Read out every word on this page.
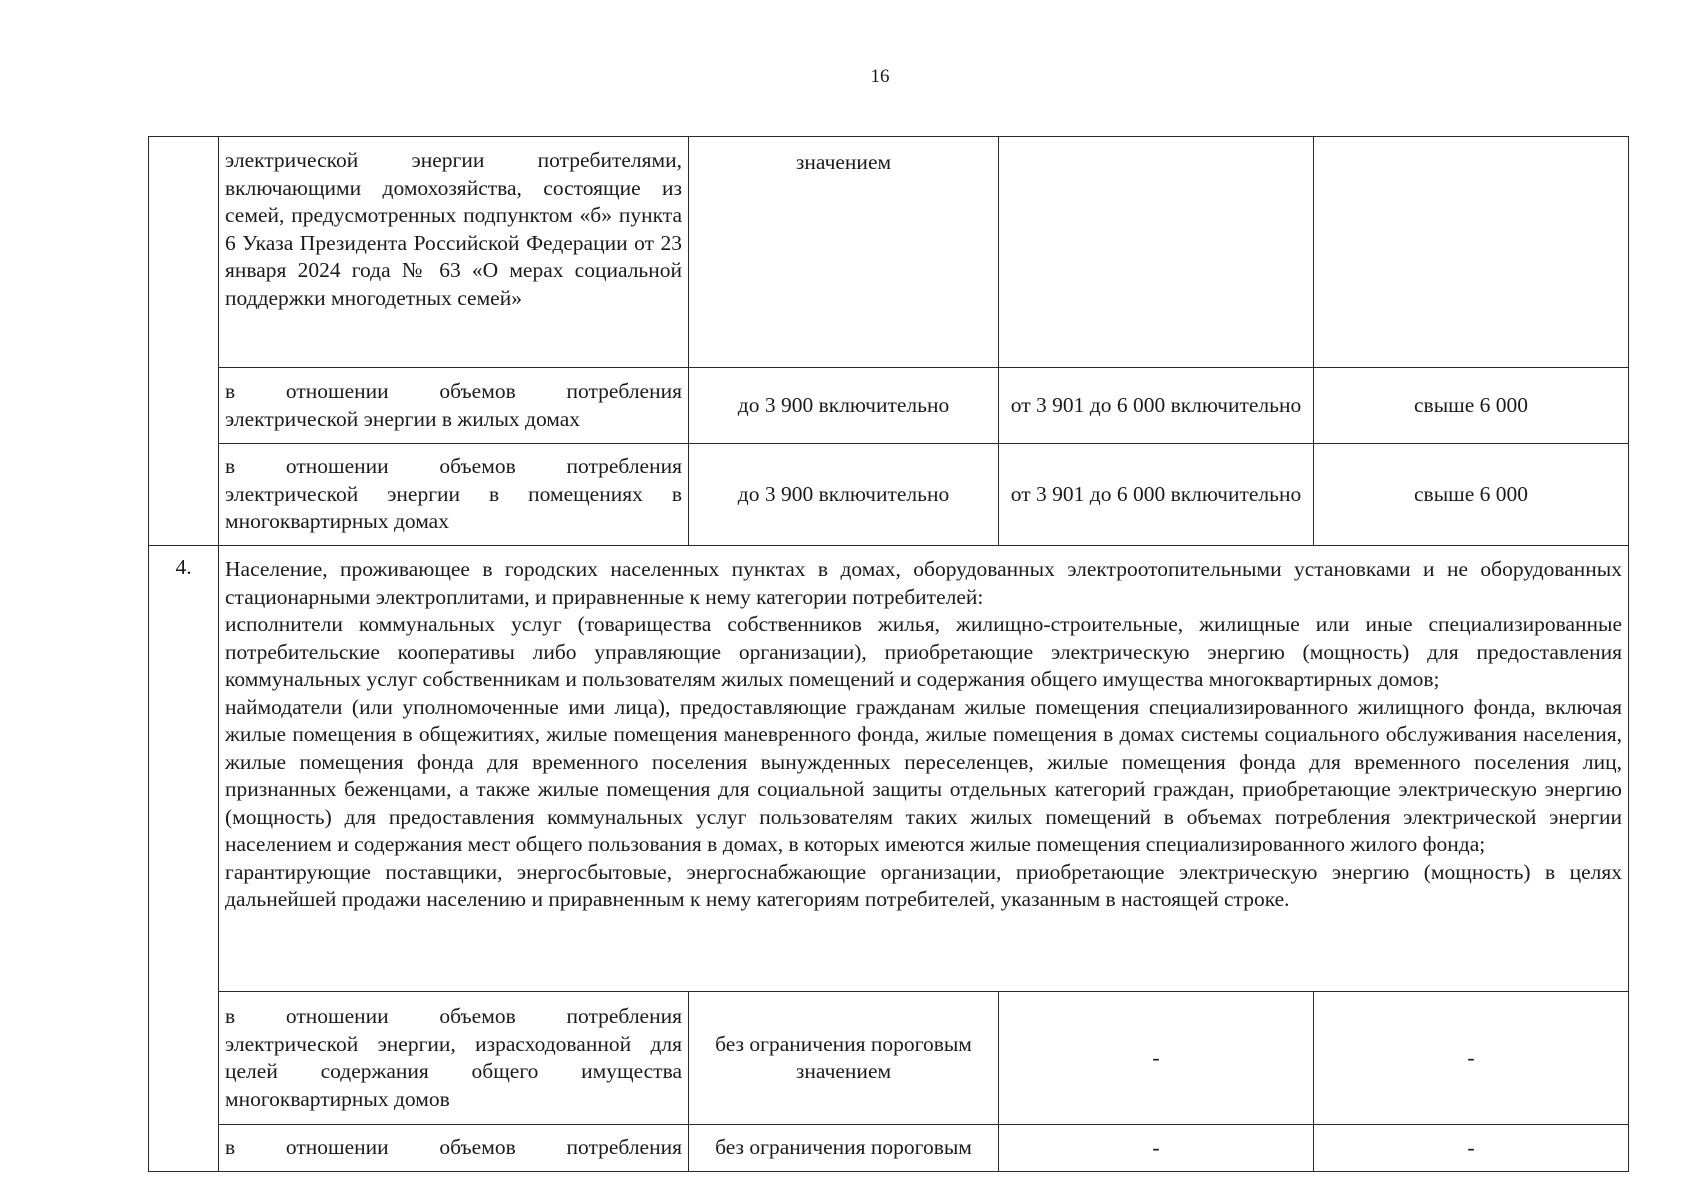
16
	электрической энергии потребителями, включающими домохозяйства, состоящие из семей, предусмотренных подпунктом «б» пункта 6 Указа Президента Российской Федерации от 23 января 2024 года № 63 «О мерах социальной поддержки многодетных семей»	значением		
	в отношении объемов потребления электрической энергии в жилых домах	до 3 900 включительно	от 3 901 до 6 000 включительно	свыше 6 000
	в отношении объемов потребления электрической энергии в помещениях в многоквартирных домах	до 3 900 включительно	от 3 901 до 6 000 включительно	свыше 6 000
4.	Население, проживающее в городских населенных пунктах в домах, оборудованных электроотопительными установками и не оборудованных стационарными электроплитами, и приравненные к нему категории потребителей:

исполнители коммунальных услуг (товарищества собственников жилья, жилищно-строительные, жилищные или иные специализированные потребительские кооперативы либо управляющие организации), приобретающие электрическую энергию (мощность) для предоставления коммунальных услуг собственникам и пользователям жилых помещений и содержания общего имущества многоквартирных домов;

наймодатели (или уполномоченные ими лица), предоставляющие гражданам жилые помещения специализированного жилищного фонда, включая жилые помещения в общежитиях, жилые помещения маневренного фонда, жилые помещения в домах системы социального обслуживания населения, жилые помещения фонда для временного поселения вынужденных переселенцев, жилые помещения фонда для временного поселения лиц, признанных беженцами, а также жилые помещения для социальной защиты отдельных категорий граждан, приобретающие электрическую энергию (мощность) для предоставления коммунальных услуг пользователям таких жилых помещений в объемах потребления электрической энергии населением и содержания мест общего пользования в домах, в которых имеются жилые помещения специализированного жилого фонда;

гарантирующие поставщики, энергосбытовые, энергоснабжающие организации, приобретающие электрическую энергию (мощность) в целях дальнейшей продажи населению и приравненным к нему категориям потребителей, указанным в настоящей строке.			

	в отношении объемов потребления электрической энергии, израсходованной для целей содержания общего имущества многоквартирных домов	без ограничения пороговым значением	-	-
	в отношении объемов потребления	без ограничения пороговым	-	-
